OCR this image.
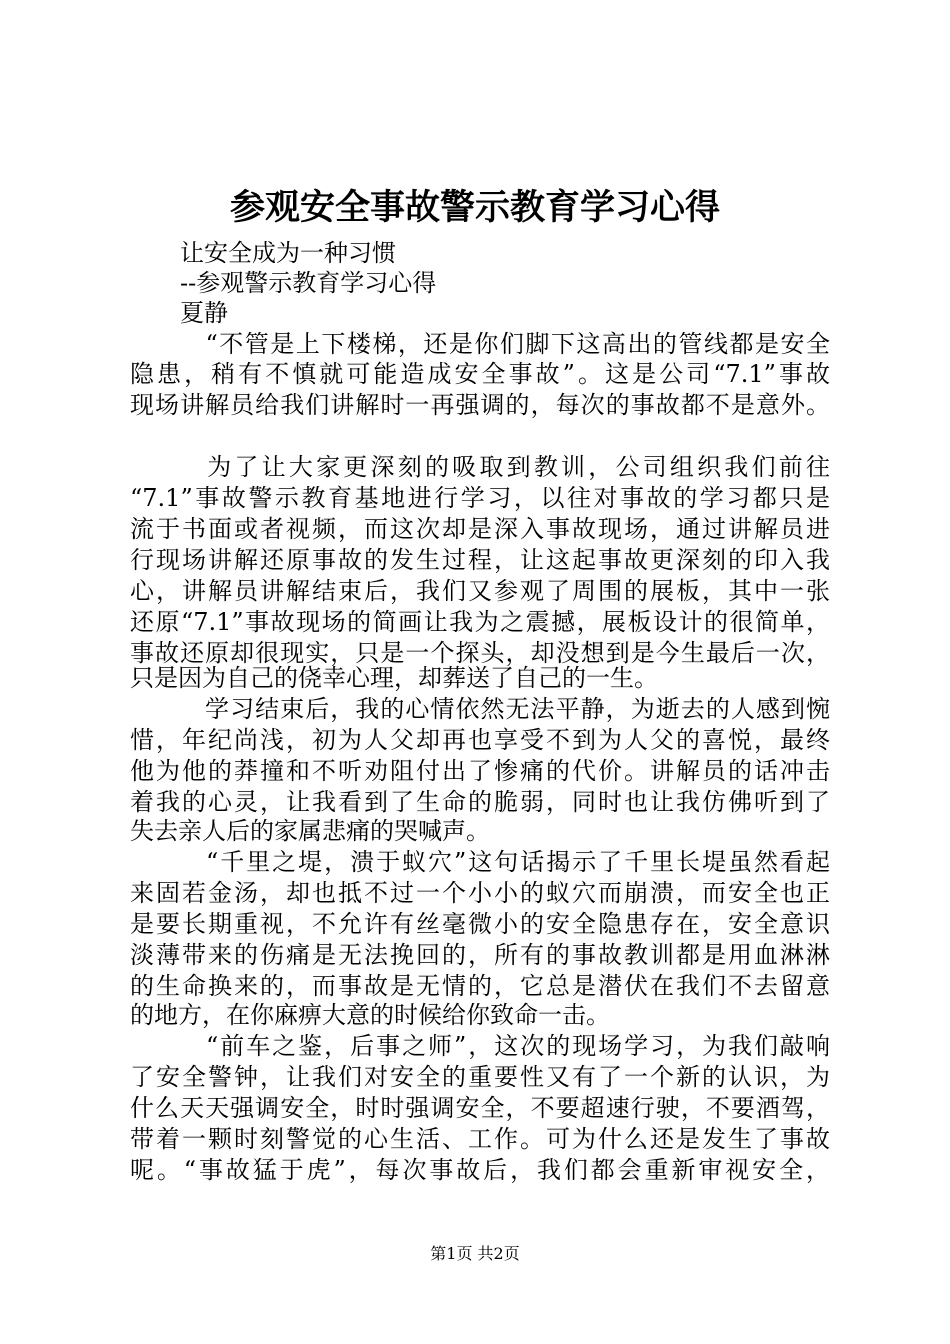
参观安全事故警示教育学习心得

让安全成为一种习惯

--参观警示教育学习心得

夏静

　“不管是上下楼梯，还是你们脚下这高出的管线都是安全

隐患，稍有不慎就可能造成安全事故”。这是公司“7.1”事故

现场讲解员给我们讲解时一再强调的，每次的事故都不是意外。

　为了让大家更深刻的吸取到教训，公司组织我们前往

“7.1”事故警示教育基地进行学习，以往对事故的学习都只是

流于书面或者视频，而这次却是深入事故现场，通过讲解员进

行现场讲解还原事故的发生过程，让这起事故更深刻的印入我

心，讲解员讲解结束后，我们又参观了周围的展板，其中一张

还原“7.1”事故现场的简画让我为之震撼，展板设计的很简单，

事故还原却很现实，只是一个探头，却没想到是今生最后一次，

只是因为自己的侥幸心理，却葬送了自己的一生。

　学习结束后，我的心情依然无法平静，为逝去的人感到惋

惜，年纪尚浅，初为人父却再也享受不到为人父的喜悦，最终

他为他的莽撞和不听劝阻付出了惨痛的代价。讲解员的话冲击

着我的心灵，让我看到了生命的脆弱，同时也让我仿佛听到了

失去亲人后的家属悲痛的哭喊声。

　“千里之堤，溃于蚁穴”这句话揭示了千里长堤虽然看起

来固若金汤，却也抵不过一个小小的蚁穴而崩溃，而安全也正

是要长期重视，不允许有丝毫微小的安全隐患存在，安全意识

淡薄带来的伤痛是无法挽回的，所有的事故教训都是用血淋淋

的生命换来的，而事故是无情的，它总是潜伏在我们不去留意

的地方，在你麻痹大意的时候给你致命一击。

　“前车之鉴，后事之师”，这次的现场学习，为我们敲响

了安全警钟，让我们对安全的重要性又有了一个新的认识，为

什么天天强调安全，时时强调安全，不要超速行驶，不要酒驾，

带着一颗时刻警觉的心生活、工作。可为什么还是发生了事故

呢。“事故猛于虎”，每次事故后，我们都会重新审视安全，

第1页 共2页
